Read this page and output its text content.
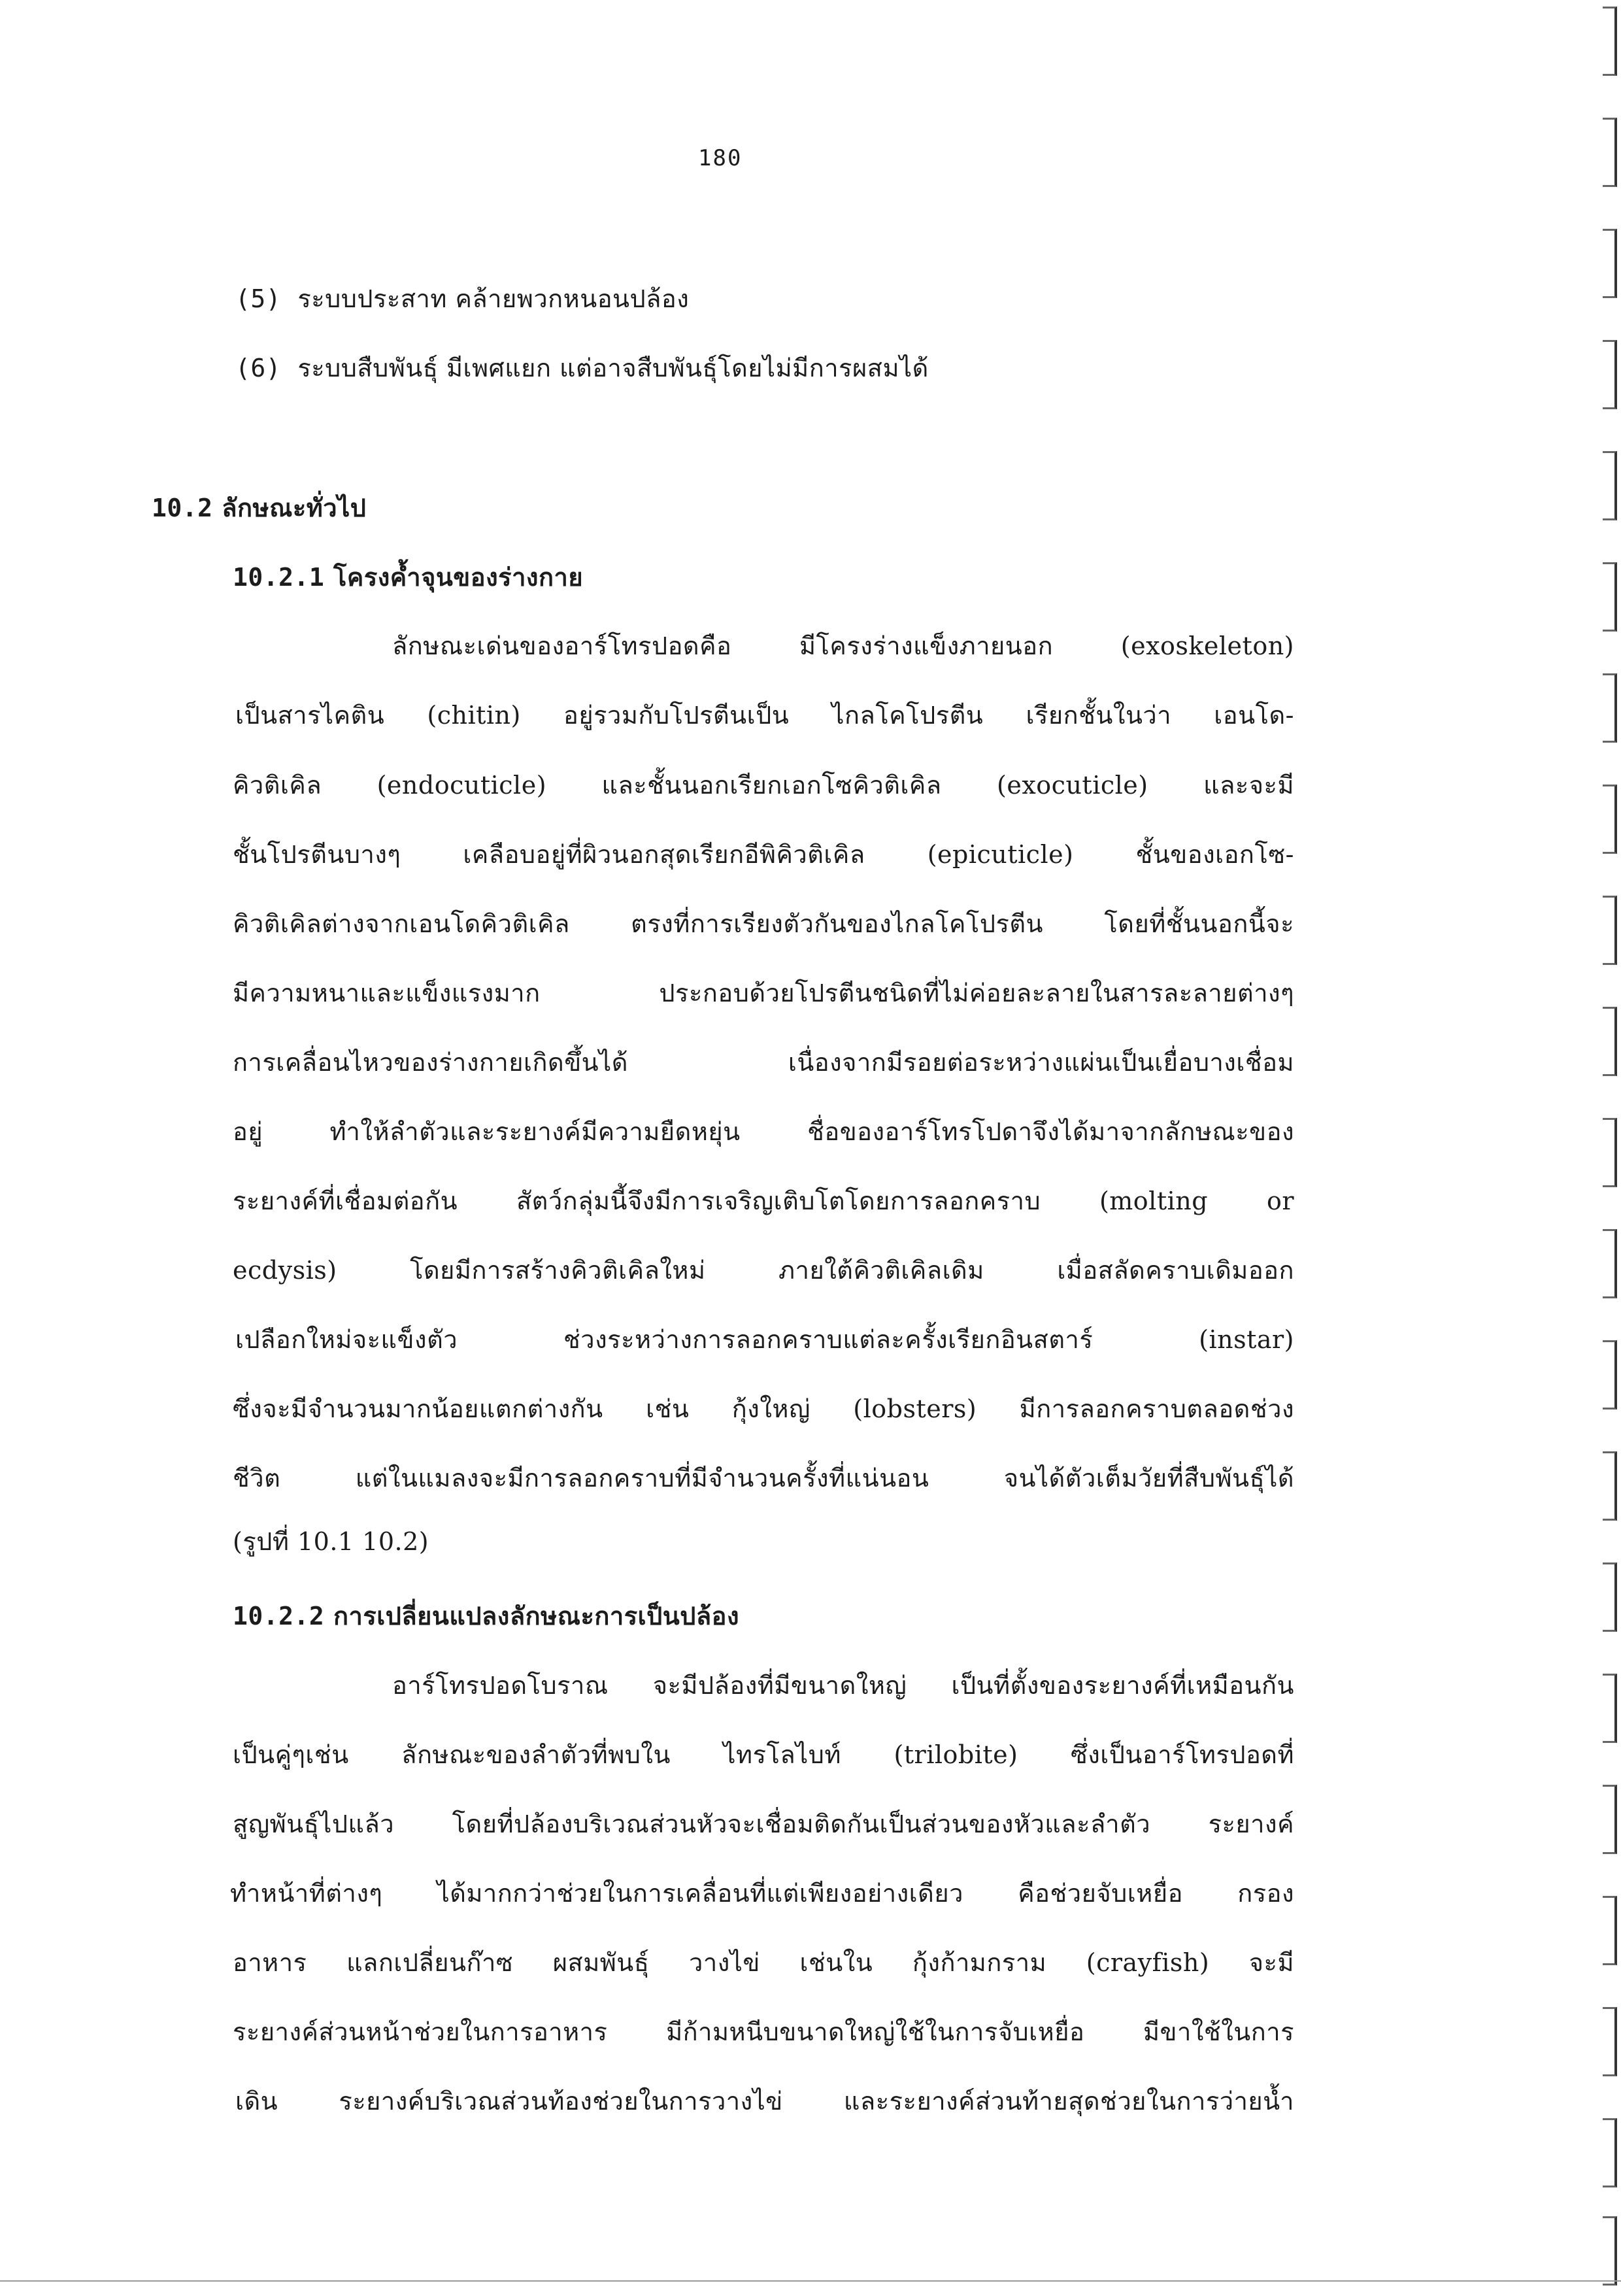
180
(5) ระบบประสาท คล้ายพวกหนอนปล้อง
(6) ระบบสืบพันธุ์ มีเพศแยก แต่อาจสืบพันธุ์โดยไม่มีการผสมได้
10.2 ลักษณะทั่วไป
10.2.1 โครงค้ำจุนของร่างกาย
ลักษณะเด่นของอาร์โทรปอดคือ มีโครงร่างแข็งภายนอก (exoskeleton)
เป็นสารไคติน (chitin) อยู่รวมกับโปรตีนเป็น ไกลโคโปรตีน เรียกชั้นในว่า เอนโด-
คิวติเคิล (endocuticle) และชั้นนอกเรียกเอกโซคิวติเคิล (exocuticle) และจะมี
ชั้นโปรตีนบางๆ เคลือบอยู่ที่ผิวนอกสุดเรียกอีพิคิวติเคิล (epicuticle) ชั้นของเอกโซ-
คิวติเคิลต่างจากเอนโดคิวติเคิล ตรงที่การเรียงตัวกันของไกลโคโปรตีน โดยที่ชั้นนอกนี้จะ
มีความหนาและแข็งแรงมาก ประกอบด้วยโปรตีนชนิดที่ไม่ค่อยละลายในสารละลายต่างๆ
การเคลื่อนไหวของร่างกายเกิดขึ้นได้ เนื่องจากมีรอยต่อระหว่างแผ่นเป็นเยื่อบางเชื่อม
อยู่ ทำให้ลำตัวและระยางค์มีความยืดหยุ่น ชื่อของอาร์โทรโปดาจึงได้มาจากลักษณะของ
ระยางค์ที่เชื่อมต่อกัน สัตว์กลุ่มนี้จึงมีการเจริญเติบโตโดยการลอกคราบ (molting or
ecdysis) โดยมีการสร้างคิวติเคิลใหม่ ภายใต้คิวติเคิลเดิม เมื่อสลัดคราบเดิมออก
เปลือกใหม่จะแข็งตัว ช่วงระหว่างการลอกคราบแต่ละครั้งเรียกอินสตาร์ (instar)
ซึ่งจะมีจำนวนมากน้อยแตกต่างกัน เช่น กุ้งใหญ่ (lobsters) มีการลอกคราบตลอดช่วง
ชีวิต แต่ในแมลงจะมีการลอกคราบที่มีจำนวนครั้งที่แน่นอน จนได้ตัวเต็มวัยที่สืบพันธุ์ได้
(รูปที่ 10.1 10.2)
10.2.2 การเปลี่ยนแปลงลักษณะการเป็นปล้อง
อาร์โทรปอดโบราณ จะมีปล้องที่มีขนาดใหญ่ เป็นที่ตั้งของระยางค์ที่เหมือนกัน
เป็นคู่ๆเช่น ลักษณะของลำตัวที่พบใน ไทรโลไบท์ (trilobite) ซึ่งเป็นอาร์โทรปอดที่
สูญพันธุ์ไปแล้ว โดยที่ปล้องบริเวณส่วนหัวจะเชื่อมติดกันเป็นส่วนของหัวและลำตัว ระยางค์
ทำหน้าที่ต่างๆ ได้มากกว่าช่วยในการเคลื่อนที่แต่เพียงอย่างเดียว คือช่วยจับเหยื่อ กรอง
อาหาร แลกเปลี่ยนก๊าซ ผสมพันธุ์ วางไข่ เช่นใน กุ้งก้ามกราม (crayfish) จะมี
ระยางค์ส่วนหน้าช่วยในการอาหาร มีก้ามหนีบขนาดใหญ่ใช้ในการจับเหยื่อ มีขาใช้ในการ
เดิน ระยางค์บริเวณส่วนท้องช่วยในการวางไข่ และระยางค์ส่วนท้ายสุดช่วยในการว่ายน้ำ
